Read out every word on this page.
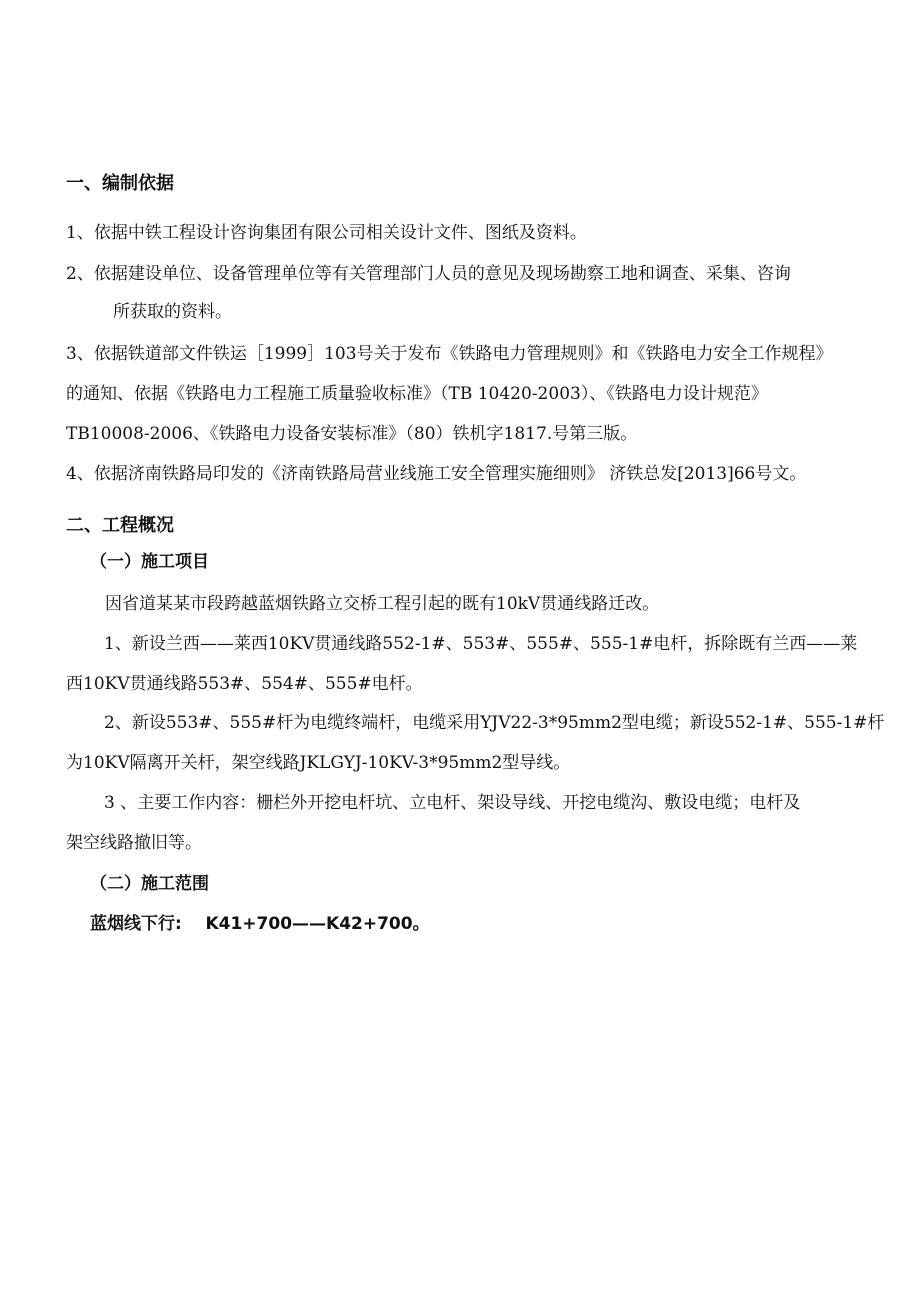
一、编制依据
1、依据中铁工程设计咨询集团有限公司相关设计文件、图纸及资料。
2、依据建设单位、设备管理单位等有关管理部门人员的意见及现场勘察工地和调查、采集、咨询
所获取的资料。
3、依据铁道部文件铁运［1999］103号关于发布《铁路电力管理规则》和《铁路电力安全工作规程》
的通知、依据《铁路电力工程施工质量验收标准》（TB 10420-2003）、《铁路电力设计规范》
TB10008-2006、《铁路电力设备安装标准》（80）铁机字1817.号第三版。
4、依据济南铁路局印发的《济南铁路局营业线施工安全管理实施细则》 济铁总发[2013]66号文。
二、工程概况
（一）施工项目
因省道某某市段跨越蓝烟铁路立交桥工程引起的既有10kV贯通线路迁改。
1、新设兰西——莱西10KV贯通线路552-1#、553#、555#、555-1#电杆，拆除既有兰西——莱
西10KV贯通线路553#、554#、555#电杆。
2、新设553#、555#杆为电缆终端杆，电缆采用YJV22-3*95mm2型电缆；新设552-1#、555-1#杆
为10KV隔离开关杆，架空线路JKLGYJ-10KV-3*95mm2型导线。
3 、主要工作内容：栅栏外开挖电杆坑、立电杆、架设导线、开挖电缆沟、敷设电缆；电杆及
架空线路撤旧等。
（二）施工范围
蓝烟线下行:    K41+700——K42+700。
